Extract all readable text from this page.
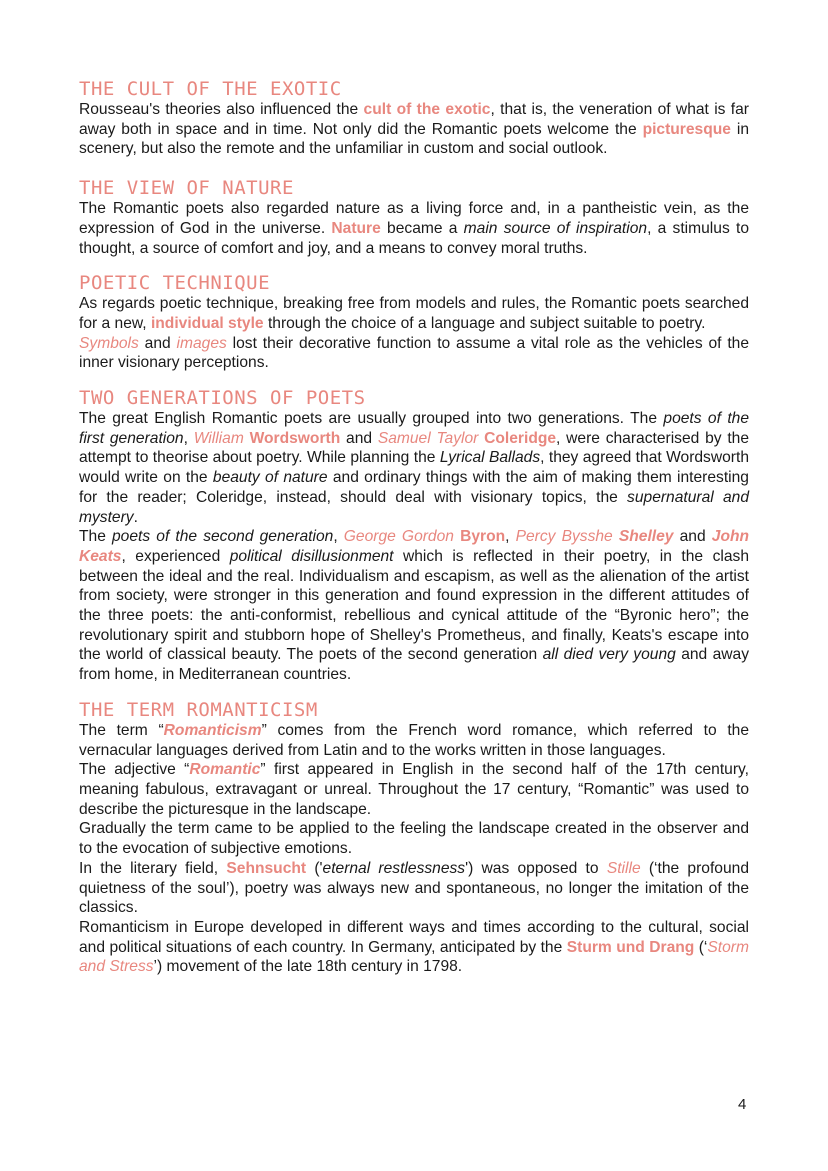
THE CULT OF THE EXOTIC

Rousseau's theories also influenced the cult of the exotic, that is, the veneration of what is far away both in space and in time. Not only did the Romantic poets welcome the picturesque in scenery, but also the remote and the unfamiliar in custom and social outlook.

THE VIEW OF NATURE

The Romantic poets also regarded nature as a living force and, in a pantheistic vein, as the expression of God in the universe. Nature became a main source of inspiration, a stimulus to thought, a source of comfort and joy, and a means to convey moral truths.

POETIC TECHNIQUE

As regards poetic technique, breaking free from models and rules, the Romantic poets searched for a new, individual style through the choice of a language and subject suitable to poetry.

Symbols and images lost their decorative function to assume a vital role as the vehicles of the inner visionary perceptions.

TWO GENERATIONS OF POETS

The great English Romantic poets are usually grouped into two generations. The poets of the first generation, William Wordsworth and Samuel Taylor Coleridge, were characterised by the attempt to theorise about poetry. While planning the Lyrical Ballads, they agreed that Wordsworth would write on the beauty of nature and ordinary things with the aim of making them interesting for the reader; Coleridge, instead, should deal with visionary topics, the supernatural and mystery.

The poets of the second generation, George Gordon Byron, Percy Bysshe Shelley and John Keats, experienced political disillusionment which is reflected in their poetry, in the clash between the ideal and the real. Individualism and escapism, as well as the alienation of the artist from society, were stronger in this generation and found expression in the different attitudes of the three poets: the anti-conformist, rebellious and cynical attitude of the “Byronic hero”; the revolutionary spirit and stubborn hope of Shelley's Prometheus, and finally, Keats's escape into the world of classical beauty. The poets of the second generation all died very young and away from home, in Mediterranean countries.

THE TERM ROMANTICISM

The term “Romanticism” comes from the French word romance, which referred to the vernacular languages derived from Latin and to the works written in those languages.

The adjective “Romantic” first appeared in English in the second half of the 17th century, meaning fabulous, extravagant or unreal. Throughout the 17 century, “Romantic” was used to describe the picturesque in the landscape.

Gradually the term came to be applied to the feeling the landscape created in the observer and to the evocation of subjective emotions.

In the literary field, Sehnsucht ('eternal restlessness') was opposed to Stille (‘the profound quietness of the soul’), poetry was always new and spontaneous, no longer the imitation of the classics.

Romanticism in Europe developed in different ways and times according to the cultural, social and political situations of each country. In Germany, anticipated by the Sturm und Drang (‘Storm and Stress’) movement of the late 18th century in 1798.

4
